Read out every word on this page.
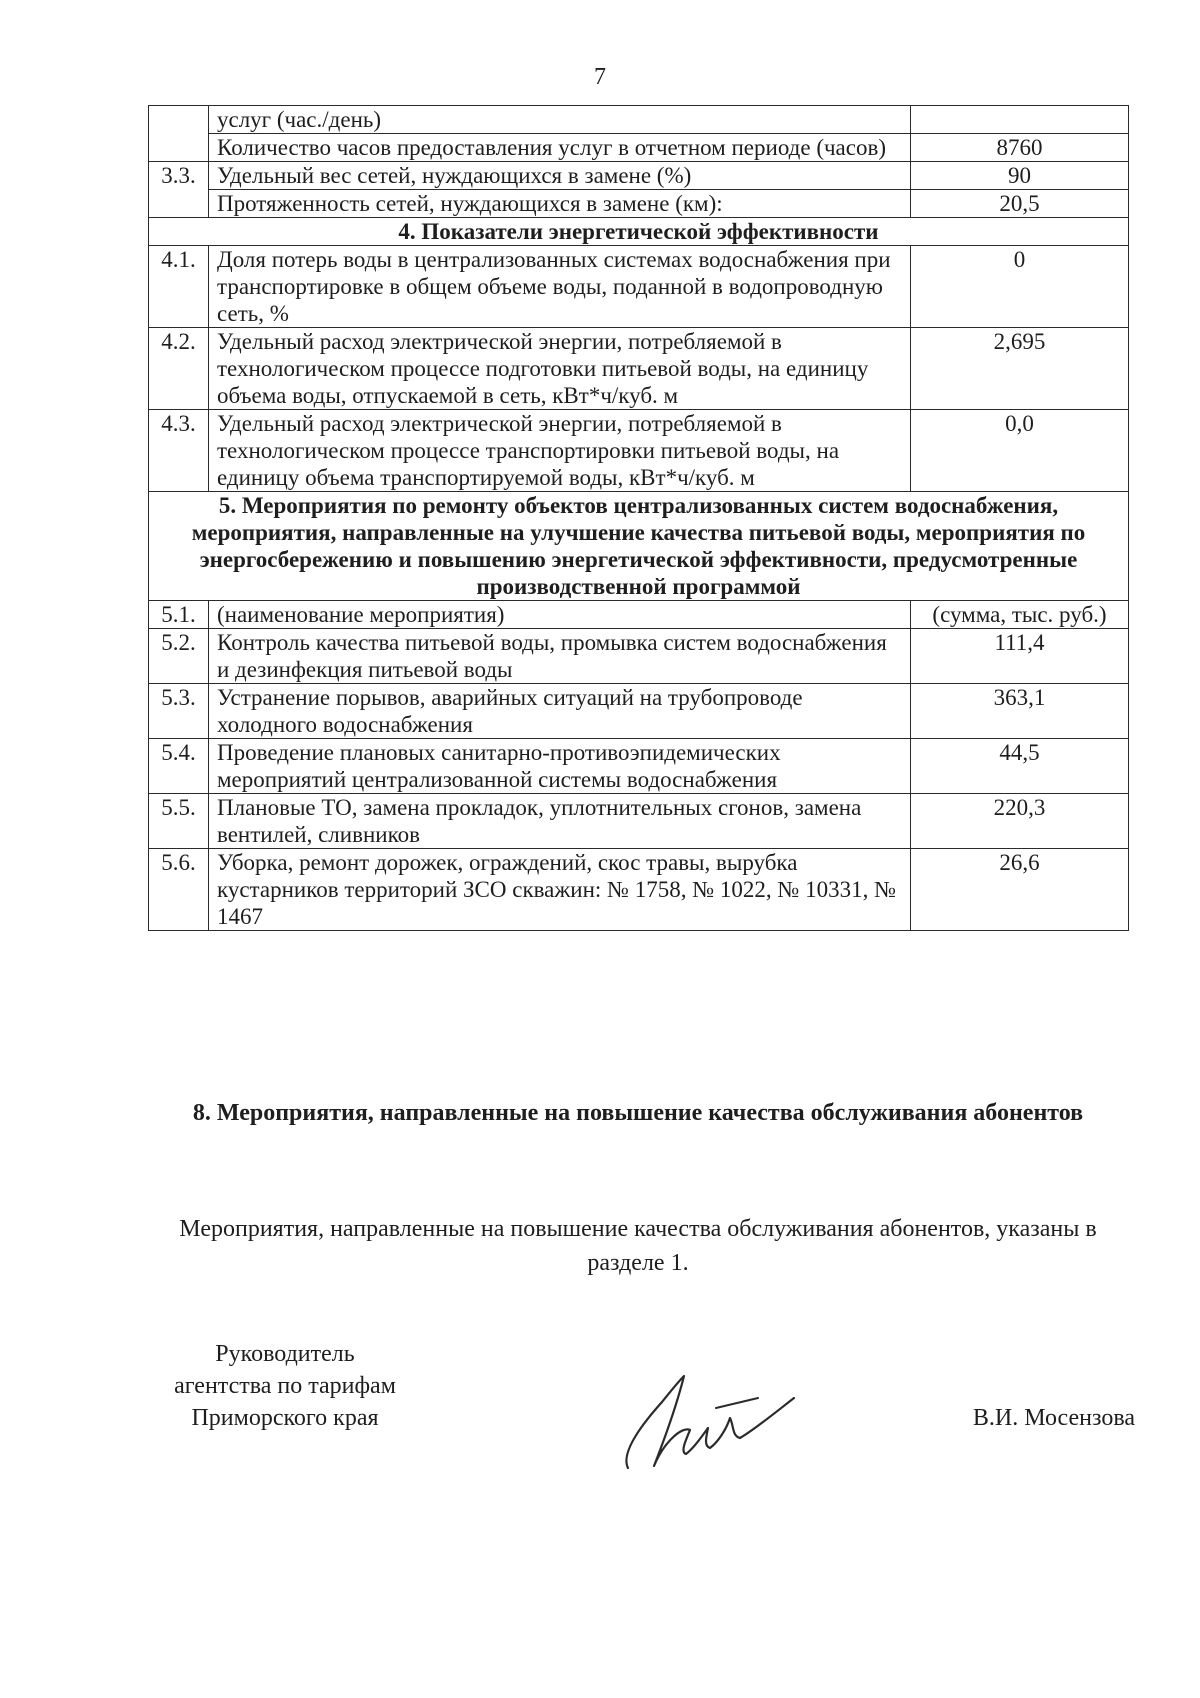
7
	услуг (час./день)	
	Количество часов предоставления услуг в отчетном периоде (часов)	8760
3.3.	Удельный вес сетей, нуждающихся в замене (%)	90
	Протяженность сетей, нуждающихся в замене (км):	20,5
4. Показатели энергетической эффективности		
4.1.	Доля потерь воды в централизованных системах водоснабжения при транспортировке в общем объеме воды, поданной в водопроводную сеть, %	0
4.2.	Удельный расход электрической энергии, потребляемой в технологическом процессе подготовки питьевой воды, на единицу объема воды, отпускаемой в сеть, кВт*ч/куб. м	2,695
4.3.	Удельный расход электрической энергии, потребляемой в технологическом процессе транспортировки питьевой воды, на единицу объема транспортируемой воды, кВт*ч/куб. м	0,0
5. Мероприятия по ремонту объектов централизованных систем водоснабжения, мероприятия, направленные на улучшение качества питьевой воды, мероприятия по энергосбережению и повышению энергетической эффективности, предусмотренные производственной программой		
5.1.	(наименование мероприятия)	(сумма, тыс. руб.)
5.2.	Контроль качества питьевой воды, промывка систем водоснабжения и дезинфекция питьевой воды	111,4
5.3.	Устранение порывов, аварийных ситуаций на трубопроводе холодного водоснабжения	363,1
5.4.	Проведение плановых санитарно-противоэпидемических мероприятий централизованной системы водоснабжения	44,5
5.5.	Плановые ТО, замена прокладок, уплотнительных сгонов, замена вентилей, сливников	220,3
5.6.	Уборка, ремонт дорожек, ограждений, скос травы, вырубка кустарников территорий ЗСО скважин: № 1758, № 1022, № 10331, № 1467	26,6
8. Мероприятия, направленные на повышение качества обслуживания абонентов
Мероприятия, направленные на повышение качества обслуживания абонентов, указаны в разделе 1.
Руководитель
агентства по тарифам
Приморского края	В.И. Мосензова
